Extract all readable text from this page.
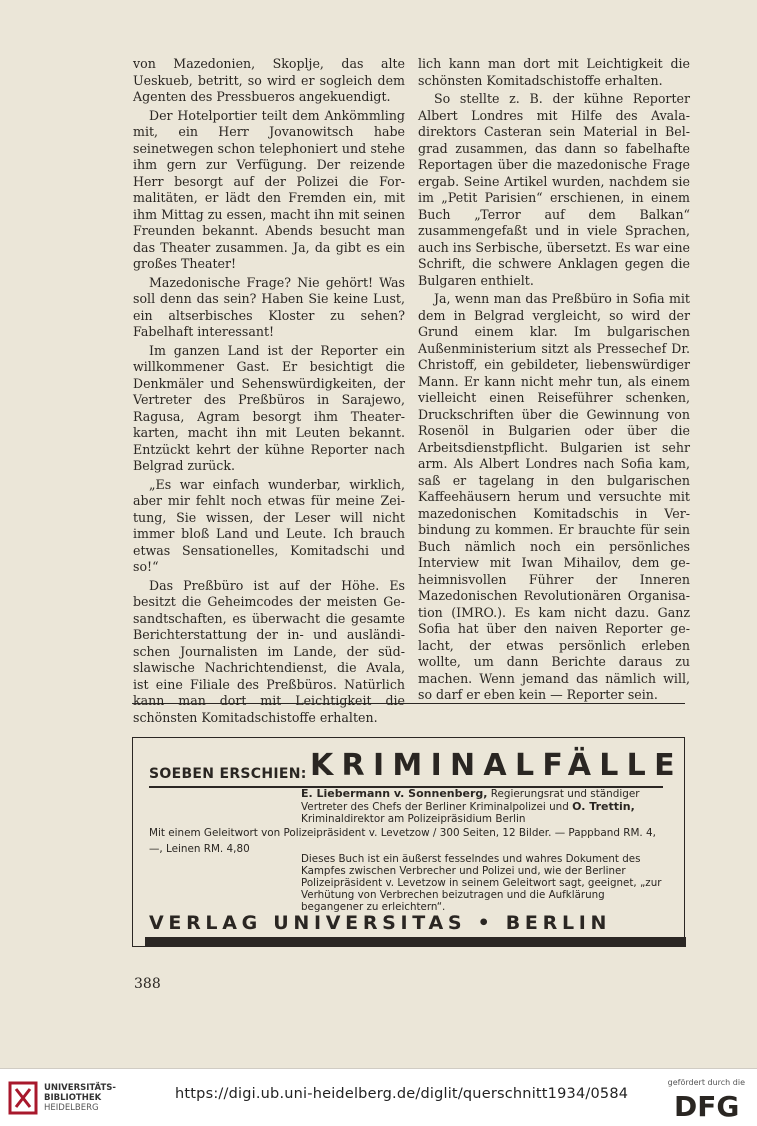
von Mazedonien, Skoplje, das alte Ueskueb, betritt, so wird er sogleich dem Agenten des Pressbueros angekuendigt.

Der Hotelportier teilt dem Ankömmling mit, ein Herr Jovanowitsch habe seinetwegen schon telephoniert und stehe ihm gern zur Verfügung. Der reizende Herr besorgt auf der Polizei die Formalitäten, er lädt den Fremden ein, mit ihm Mittag zu essen, macht ihn mit seinen Freunden bekannt. Abends besucht man das Theater zusammen. Ja, da gibt es ein großes Theater!

Mazedonische Frage? Nie gehört! Was soll denn das sein? Haben Sie keine Lust, ein altserbisches Kloster zu sehen? Fabelhaft interessant!

Im ganzen Land ist der Reporter ein willkommener Gast. Er besichtigt die Denkmäler und Sehenswürdigkeiten, der Vertreter des Preßbüros in Sarajewo, Ragusa, Agram besorgt ihm Theaterkarten, macht ihn mit Leuten bekannt. Entzückt kehrt der kühne Reporter nach Belgrad zurück.

„Es war einfach wunderbar, wirklich, aber mir fehlt noch etwas für meine Zeitung, Sie wissen, der Leser will nicht immer bloß Land und Leute. Ich brauch etwas Sensationelles, Komitadschi und so!“

Das Preßbüro ist auf der Höhe. Es besitzt die Geheimcodes der meisten Gesandtschaften, es überwacht die gesamte Berichterstattung der in- und ausländischen Journalisten im Lande, der südslawische Nachrichtendienst, die Avala, ist eine Filiale des Preßbüros. Natürlich kann man dort mit Leichtigkeit die schönsten Komitadschistoffe erhalten.

lich kann man dort mit Leichtigkeit die schönsten Komitadschistoffe erhalten.

So stellte z. B. der kühne Reporter Albert Londres mit Hilfe des Avaladirektors Casteran sein Material in Belgrad zusammen, das dann so fabelhafte Reportagen über die mazedonische Frage ergab. Seine Artikel wurden, nachdem sie im „Petit Parisien“ erschienen, in einem Buch „Terror auf dem Balkan“ zusammengefaßt und in viele Sprachen, auch ins Serbische, übersetzt. Es war eine Schrift, die schwere Anklagen gegen die Bulgaren enthielt.

Ja, wenn man das Preßbüro in Sofia mit dem in Belgrad vergleicht, so wird der Grund einem klar. Im bulgarischen Außenministerium sitzt als Pressechef Dr. Christoff, ein gebildeter, liebenswürdiger Mann. Er kann nicht mehr tun, als einem vielleicht einen Reiseführer schenken, Druckschriften über die Gewinnung von Rosenöl in Bulgarien oder über die Arbeitsdienstpflicht. Bulgarien ist sehr arm. Als Albert Londres nach Sofia kam, saß er tagelang in den bulgarischen Kaffeehäusern herum und versuchte mit mazedonischen Komitadschis in Verbindung zu kommen. Er brauchte für sein Buch nämlich noch ein persönliches Interview mit Iwan Mihailov, dem geheimnisvollen Führer der Inneren Mazedonischen Revolutionären Organisation (IMRO.). Es kam nicht dazu. Ganz Sofia hat über den naiven Reporter gelacht, der etwas persönlich erleben wollte, um dann Berichte daraus zu machen. Wenn jemand das nämlich will, so darf er eben kein — Reporter sein.

SOEBEN ERSCHIEN: KRIMINALFÄLLE
E. Liebermann v. Sonnenberg, Regierungsrat und ständiger Vertreter des Chefs der Berliner Kriminalpolizei und O. Trettin, Kriminaldirektor am Polizeipräsidium Berlin
Mit einem Geleitwort von Polizeipräsident v. Levetzow / 300 Seiten, 12 Bilder. — Pappband RM. 4,—, Leinen RM. 4,80
Dieses Buch ist ein äußerst fesselndes und wahres Dokument des Kampfes zwischen Verbrecher und Polizei und, wie der Berliner Polizeipräsident v. Levetzow in seinem Geleitwort sagt, geeignet, „zur Verhütung von Verbrechen beizutragen und die Aufklärung begangener zu erleichtern“.
VERLAG UNIVERSITAS • BERLIN
388
UNIVERSITÄTS-
BIBLIOTHEK
HEIDELBERG
https://digi.ub.uni-heidelberg.de/diglit/querschnitt1934/0584
gefördert durch die
DFG
